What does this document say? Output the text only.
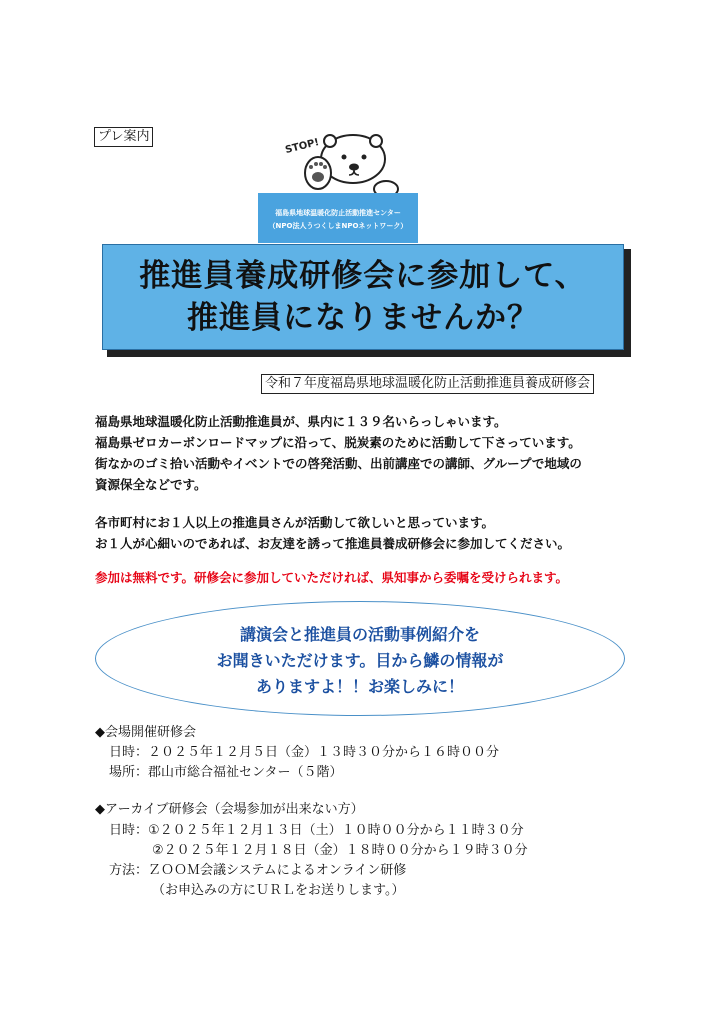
プレ案内
STOP!
福島県地球温暖化防止活動推進センター
（NPO法人うつくしまNPOネットワーク）
推進員養成研修会に参加して、
推進員になりませんか？
令和７年度福島県地球温暖化防止活動推進員養成研修会
福島県地球温暖化防止活動推進員が、県内に１３９名いらっしゃいます。
福島県ゼロカーボンロードマップに沿って、脱炭素のために活動して下さっています。
街なかのゴミ拾い活動やイベントでの啓発活動、出前講座での講師、グループで地域の
資源保全などです。
各市町村にお１人以上の推進員さんが活動して欲しいと思っています。
お１人が心細いのであれば、お友達を誘って推進員養成研修会に参加してください。
参加は無料です。研修会に参加していただければ、県知事から委嘱を受けられます。
講演会と推進員の活動事例紹介を
お聞きいただけます。目から鱗の情報が
ありますよ！！お楽しみに！
◆会場開催研修会
日時：２０２５年１２月５日（金）１３時３０分から１６時００分
場所：郡山市総合福祉センター（５階）
◆アーカイブ研修会（会場参加が出来ない方）
日時：①２０２５年１２月１３日（土）１０時００分から１１時３０分
②２０２５年１２月１８日（金）１８時００分から１９時３０分
方法：ＺＯＯＭ会議システムによるオンライン研修
（お申込みの方にＵＲＬをお送りします。）
